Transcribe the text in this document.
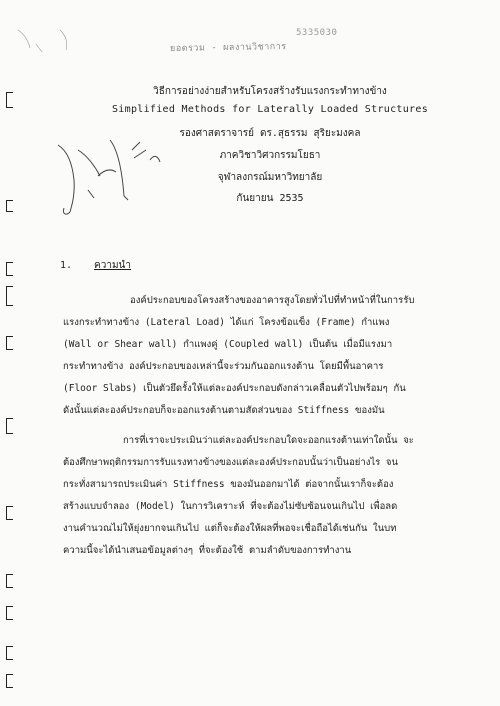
ยอดรวม - ผลงานวิชาการ
5335030
วิธีการอย่างง่ายสำหรับโครงสร้างรับแรงกระทำทางข้าง
Simplified Methods for Laterally Loaded Structures
รองศาสตราจารย์ ดร.สุธรรม สุริยะมงคล
ภาควิชาวิศวกรรมโยธา
จุฬาลงกรณ์มหาวิทยาลัย
กันยายน 2535
1. ความนำ
องค์ประกอบของโครงสร้างของอาคารสูงโดยทั่วไปที่ทำหน้าที่ในการรับ
แรงกระทำทางข้าง (Lateral Load) ได้แก่ โครงข้อแข็ง (Frame) กำแพง
(Wall or Shear wall) กำแพงคู่ (Coupled wall) เป็นต้น เมื่อมีแรงมา
กระทำทางข้าง องค์ประกอบของเหล่านี้จะร่วมกันออกแรงต้าน โดยมีพื้นอาคาร
(Floor Slabs) เป็นตัวยึดรั้งให้แต่ละองค์ประกอบดังกล่าวเคลื่อนตัวไปพร้อมๆ กัน
ดังนั้นแต่ละองค์ประกอบก็จะออกแรงต้านตามสัดส่วนของ Stiffness ของมัน
การที่เราจะประเมินว่าแต่ละองค์ประกอบใดจะออกแรงต้านเท่าใดนั้น จะ
ต้องศึกษาพฤติกรรมการรับแรงทางข้างของแต่ละองค์ประกอบนั้นว่าเป็นอย่างไร จน
กระทั่งสามารถประเมินค่า Stiffness ของมันออกมาได้ ต่อจากนั้นเราก็จะต้อง
สร้างแบบจำลอง (Model) ในการวิเคราะห์ ที่จะต้องไม่ซับซ้อนจนเกินไป เพื่อลด
งานคำนวณไม่ให้ยุ่งยากจนเกินไป แต่ก็จะต้องให้ผลที่พอจะเชื่อถือได้เช่นกัน ในบท
ความนี้จะได้นำเสนอข้อมูลต่างๆ ที่จะต้องใช้ ตามลำดับของการทำงาน
